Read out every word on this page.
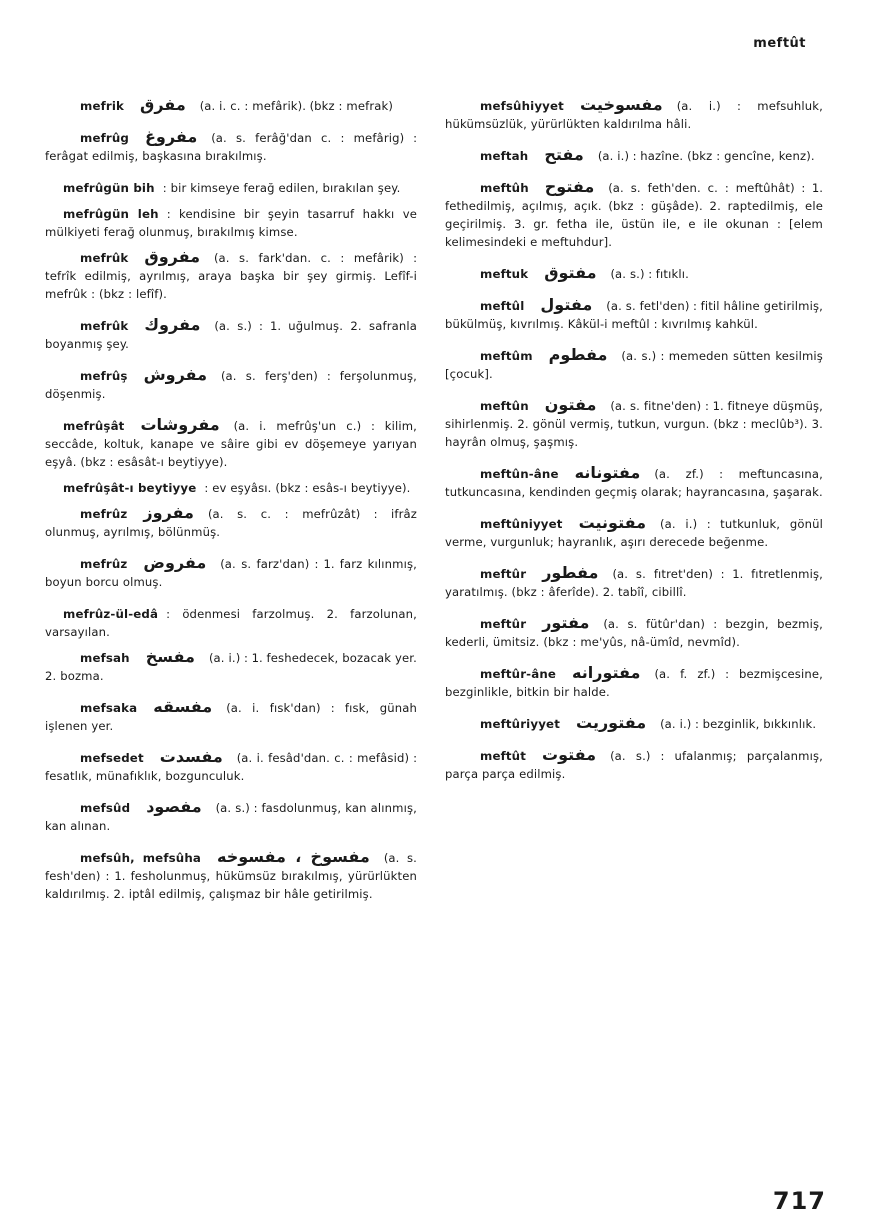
meftût
mefrik مفرق (a. i. c. : mefârik). (bkz : mefrak)
mefrûg مفروغ (a. s. ferâğ'dan c. : mefârig) : ferâgat edilmiş, başkasına bırakılmış.
mefrûgün bih : bir kimseye ferağ edilen, bırakılan şey.
mefrûgün leh : kendisine bir şeyin tasarruf hakkı ve mülkiyeti ferağ olunmuş, bırakılmış kimse.
mefrûk مفروق (a. s. fark'dan. c. : mefârik) : tefrîk edilmiş, ayrılmış, araya başka bir şey girmiş. Lefîf-i mefrûk : (bkz : lefîf).
mefrûk مفروك (a. s.) : 1. uğulmuş. 2. safranla boyanmış şey.
mefrûş مفروش (a. s. ferş'den) : ferşolunmuş, döşenmiş.
mefrûşât مفروشات (a. i. mefrûş'un c.) : kilim, seccâde, koltuk, kanape ve sâire gibi ev döşemeye yarıyan eşyâ. (bkz : esâsât-ı beytiyye).
mefrûşât-ı beytiyye : ev eşyâsı. (bkz : esâs-ı beytiyye).
mefrûz مفروز (a. s. c. : mefrûzât) : ifrâz olunmuş, ayrılmış, bölünmüş.
mefrûz مفروض (a. s. farz'dan) : 1. farz kılınmış, boyun borcu olmuş.
mefrûz-ül-edâ : ödenmesi farzolmuş. 2. farzolunan, varsayılan.
mefsah مفسخ (a. i.) : 1. feshedecek, bozacak yer. 2. bozma.
mefsaka مفسقه (a. i. fısk'dan) : fısk, günah işlenen yer.
mefsedet مفسدت (a. i. fesâd'dan. c. : mefâsid) : fesatlık, münafıklık, bozgunculuk.
mefsûd مفصود (a. s.) : fasdolunmuş, kan alınmış, kan alınan.
mefsûh, mefsûha مفسوخ ، مفسوخه (a. s. fesh'den) : 1. fesholunmuş, hükümsüz bırakılmış, yürürlükten kaldırılmış. 2. iptâl edilmiş, çalışmaz bir hâle getirilmiş.
mefsûhiyyet مفسوخيت (a. i.) : mefsuhluk, hükümsüzlük, yürürlükten kaldırılma hâli.
meftah مفتح (a. i.) : hazîne. (bkz : gencîne, kenz).
meftûh مفتوح (a. s. feth'den. c. : meftûhât) : 1. fethedilmiş, açılmış, açık. (bkz : güşâde). 2. raptedilmiş, ele geçirilmiş. 3. gr. fetha ile, üstün ile, e ile okunan : [elem kelimesindeki e meftuhdur].
meftuk مفتوق (a. s.) : fıtıklı.
meftûl مفتول (a. s. fetl'den) : fitil hâline getirilmiş, bükülmüş, kıvrılmış. Kâkül-i meftûl : kıvrılmış kahkül.
meftûm مفطوم (a. s.) : memeden sütten kesilmiş [çocuk].
meftûn مفتون (a. s. fitne'den) : 1. fitneye düşmüş, sihirlenmiş. 2. gönül vermiş, tutkun, vurgun. (bkz : meclûb³). 3. hayrân olmuş, şaşmış.
meftûn-âne مفتونانه (a. zf.) : meftuncasına, tutkuncasına, kendinden geçmiş olarak; hayrancasına, şaşarak.
meftûniyyet مفتونيت (a. i.) : tutkunluk, gönül verme, vurgunluk; hayranlık, aşırı derecede beğenme.
meftûr مفطور (a. s. fıtret'den) : 1. fıtretlenmiş, yaratılmış. (bkz : âferîde). 2. tabîî, cibillî.
meftûr مفتور (a. s. fütûr'dan) : bezgin, bezmiş, kederli, ümitsiz. (bkz : me'yûs, nâ-ümîd, nevmîd).
meftûr-âne مفتورانه (a. f. zf.) : bezmişcesine, bezginlikle, bitkin bir halde.
meftûriyyet مفتوريت (a. i.) : bezginlik, bıkkınlık.
meftût مفتوت (a. s.) : ufalanmış; parçalanmış, parça parça edilmiş.
717
